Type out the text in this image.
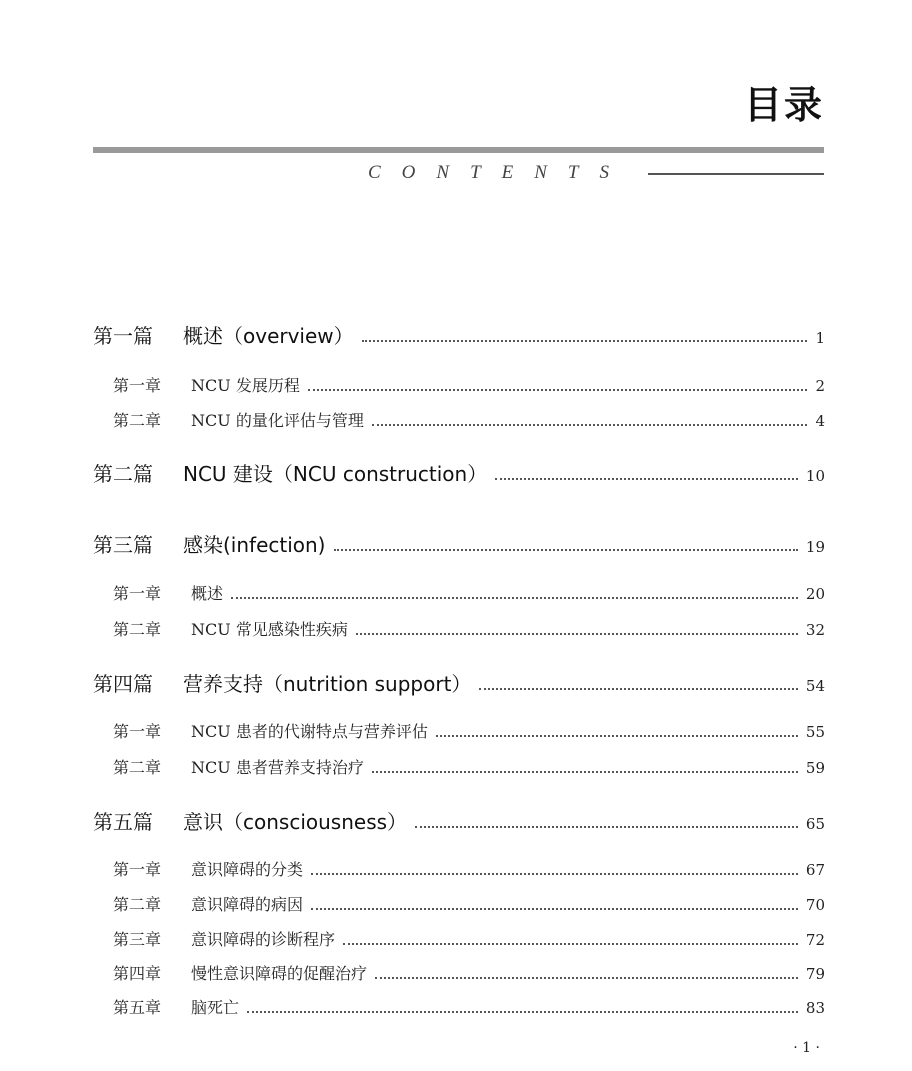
目录
CONTENTS
第一篇	概述（overview）	1
第一章	NCU 发展历程	2
第二章	NCU 的量化评估与管理	4
第二篇	NCU 建设（NCU construction）	10
第三篇	感染(infection)	19
第一章	概述	20
第二章	NCU 常见感染性疾病	32
第四篇	营养支持（nutrition support）	54
第一章	NCU 患者的代谢特点与营养评估	55
第二章	NCU 患者营养支持治疗	59
第五篇	意识（consciousness）	65
第一章	意识障碍的分类	67
第二章	意识障碍的病因	70
第三章	意识障碍的诊断程序	72
第四章	慢性意识障碍的促醒治疗	79
第五章	脑死亡	83
· 1 ·
